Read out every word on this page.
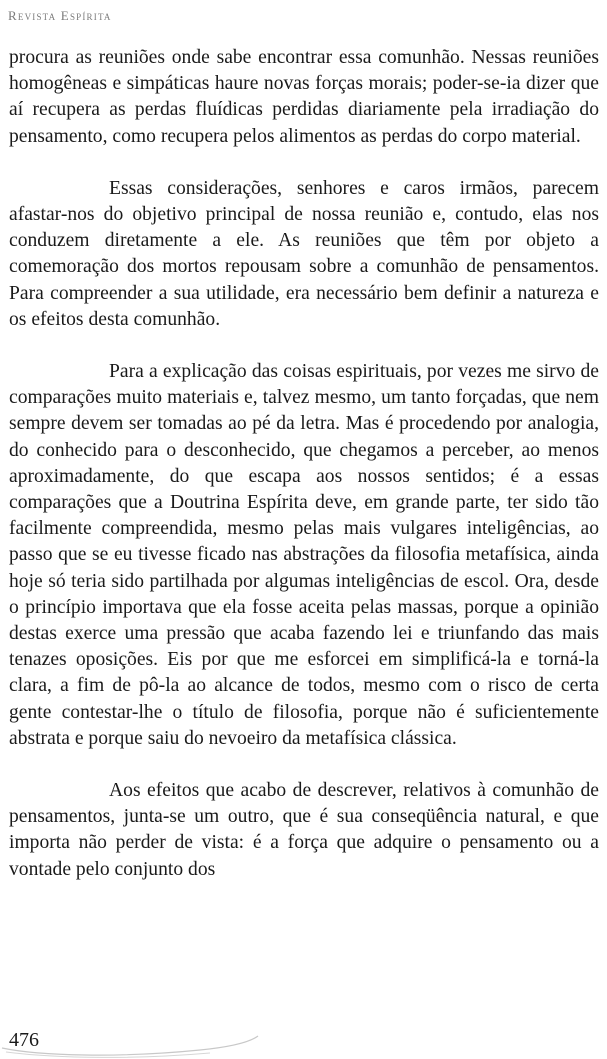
Revista Espírita

procura as reuniões onde sabe encontrar essa comunhão. Nessas reuniões homogêneas e simpáticas haure novas forças morais; poder-se-ia dizer que aí recupera as perdas fluídicas perdidas diariamente pela irradiação do pensamento, como recupera pelos alimentos as perdas do corpo material.

Essas considerações, senhores e caros irmãos, parecem afastar-nos do objetivo principal de nossa reunião e, contudo, elas nos conduzem diretamente a ele. As reuniões que têm por objeto a comemoração dos mortos repousam sobre a comunhão de pensamentos. Para compreender a sua utilidade, era necessário bem definir a natureza e os efeitos desta comunhão.

Para a explicação das coisas espirituais, por vezes me sirvo de comparações muito materiais e, talvez mesmo, um tanto forçadas, que nem sempre devem ser tomadas ao pé da letra. Mas é procedendo por analogia, do conhecido para o desconhecido, que chegamos a perceber, ao menos aproximadamente, do que escapa aos nossos sentidos; é a essas comparações que a Doutrina Espírita deve, em grande parte, ter sido tão facilmente compreendida, mesmo pelas mais vulgares inteligências, ao passo que se eu tivesse ficado nas abstrações da filosofia metafísica, ainda hoje só teria sido partilhada por algumas inteligências de escol. Ora, desde o princípio importava que ela fosse aceita pelas massas, porque a opinião destas exerce uma pressão que acaba fazendo lei e triunfando das mais tenazes oposições. Eis por que me esforcei em simplificá-la e torná-la clara, a fim de pô-la ao alcance de todos, mesmo com o risco de certa gente contestar-lhe o título de filosofia, porque não é suficientemente abstrata e porque saiu do nevoeiro da metafísica clássica.

Aos efeitos que acabo de descrever, relativos à comunhão de pensamentos, junta-se um outro, que é sua conseqüência natural, e que importa não perder de vista: é a força que adquire o pensamento ou a vontade pelo conjunto dos

476
